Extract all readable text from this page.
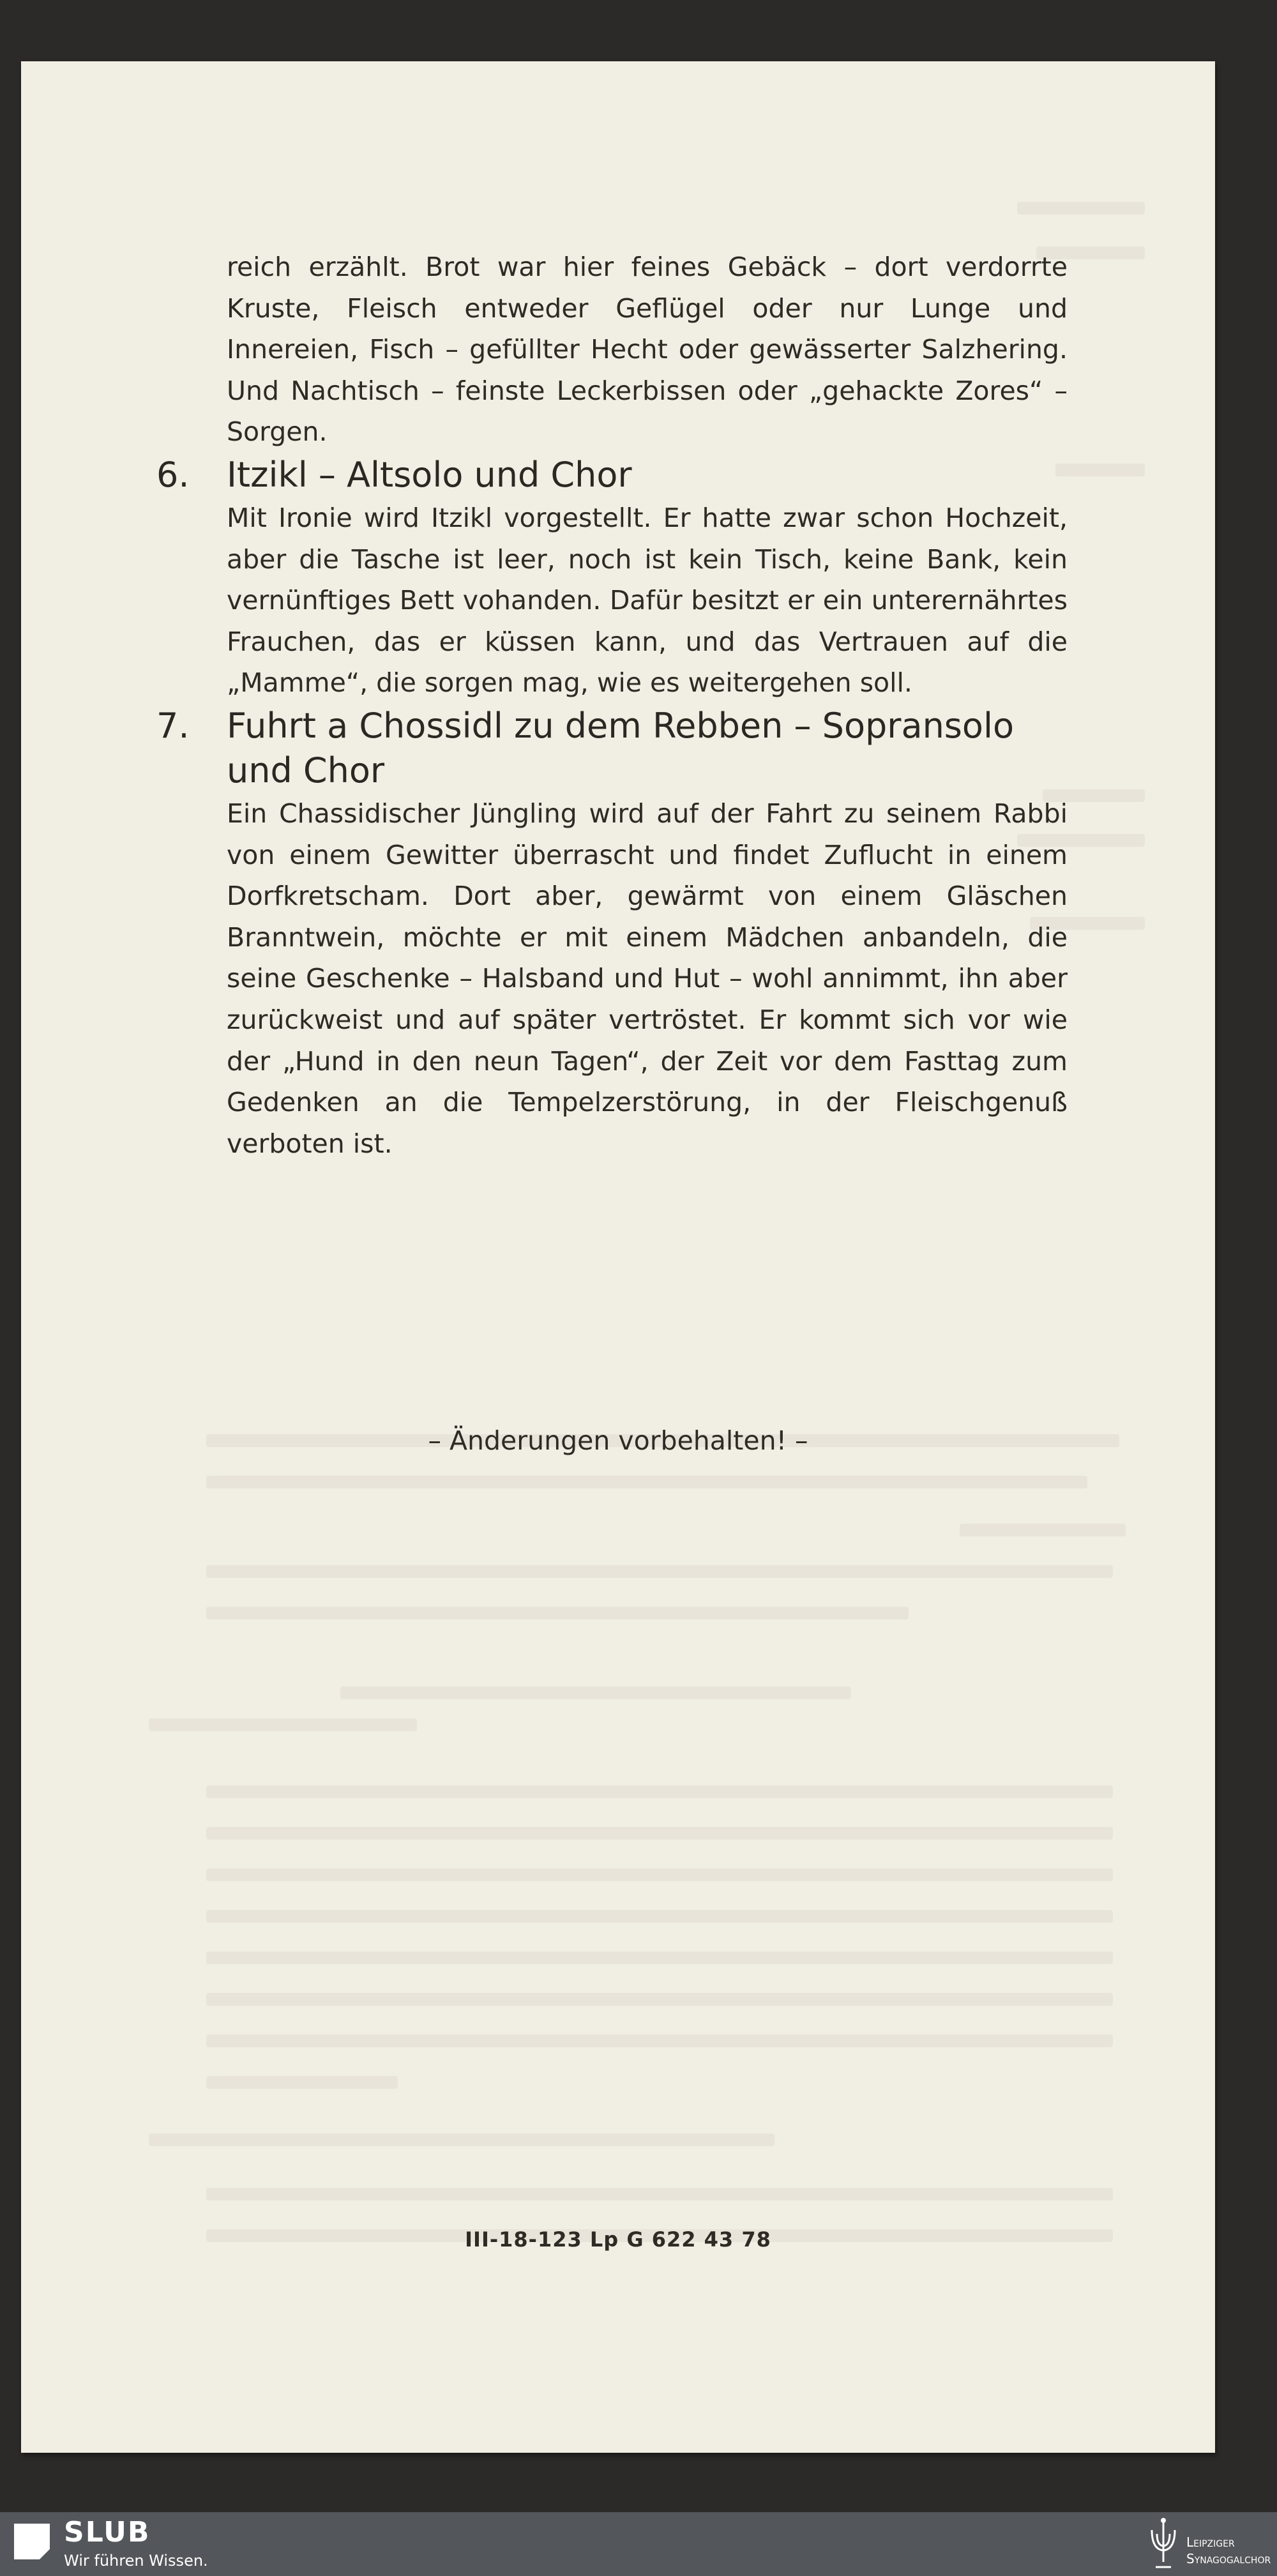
reich erzählt. Brot war hier feines Gebäck – dort verdorrte Kruste, Fleisch entweder Geflügel oder nur Lunge und Innereien, Fisch – gefüllter Hecht oder gewässerter Salzhering. Und Nachtisch – feinste Leckerbissen oder „gehackte Zores“ – Sorgen.

6.	Itzikl – Altsolo und Chor

Mit Ironie wird Itzikl vorgestellt. Er hatte zwar schon Hochzeit, aber die Tasche ist leer, noch ist kein Tisch, keine Bank, kein vernünftiges Bett vohanden. Dafür besitzt er ein unterernährtes Frauchen, das er küssen kann, und das Vertrauen auf die „Mamme“, die sorgen mag, wie es weitergehen soll.

7.	Fuhrt a Chossidl zu dem Rebben – Sopransolo und Chor

Ein Chassidischer Jüngling wird auf der Fahrt zu seinem Rabbi von einem Gewitter überrascht und findet Zuflucht in einem Dorfkretscham. Dort aber, gewärmt von einem Gläschen Branntwein, möchte er mit einem Mädchen anbandeln, die seine Geschenke – Halsband und Hut – wohl annimmt, ihn aber zurückweist und auf später vertröstet. Er kommt sich vor wie der „Hund in den neun Tagen“, der Zeit vor dem Fasttag zum Gedenken an die Tempelzerstörung, in der Fleischgenuß verboten ist.

– Änderungen vorbehalten! –
III-18-123 Lp G 622 43 78
SLUB
Wir führen Wissen.
Leipziger
Synagogalchor
